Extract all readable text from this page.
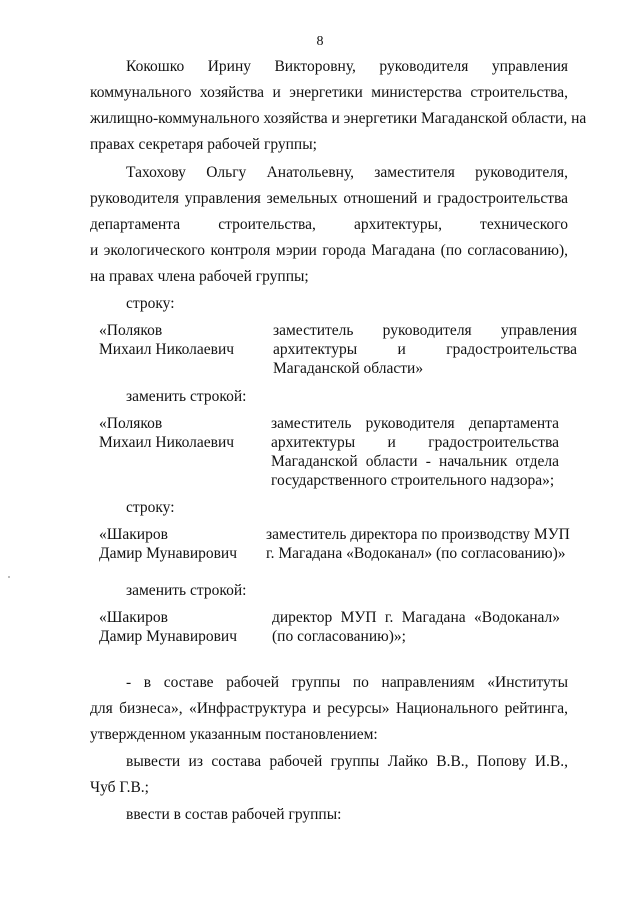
8
Кокошко Ирину Викторовну, руководителя управления
коммунального хозяйства и энергетики министерства строительства,
жилищно-коммунального хозяйства и энергетики Магаданской области, на
правах секретаря рабочей группы;
Тахохову Ольгу Анатольевну, заместителя руководителя,
руководителя управления земельных отношений и градостроительства
департамента строительства, архитектуры, технического
и экологического контроля мэрии города Магадана (по согласованию),
на правах члена рабочей группы;
строку:
«Поляков
Михаил Николаевич
заместитель руководителя управления
архитектуры и градостроительства
Магаданской области»
заменить строкой:
«Поляков
Михаил Николаевич
заместитель руководителя департамента
архитектуры и градостроительства
Магаданской области - начальник отдела
государственного строительного надзора»;
строку:
«Шакиров
Дамир Мунавирович
заместитель директора по производству МУП
г. Магадана «Водоканал» (по согласованию)»
заменить строкой:
«Шакиров
Дамир Мунавирович
директор МУП г. Магадана «Водоканал»
(по согласованию)»;
- в составе рабочей группы по направлениям «Институты
для бизнеса», «Инфраструктура и ресурсы» Национального рейтинга,
утвержденном указанным постановлением:
вывести из состава рабочей группы Лайко В.В., Попову И.В.,
Чуб Г.В.;
ввести в состав рабочей группы:
